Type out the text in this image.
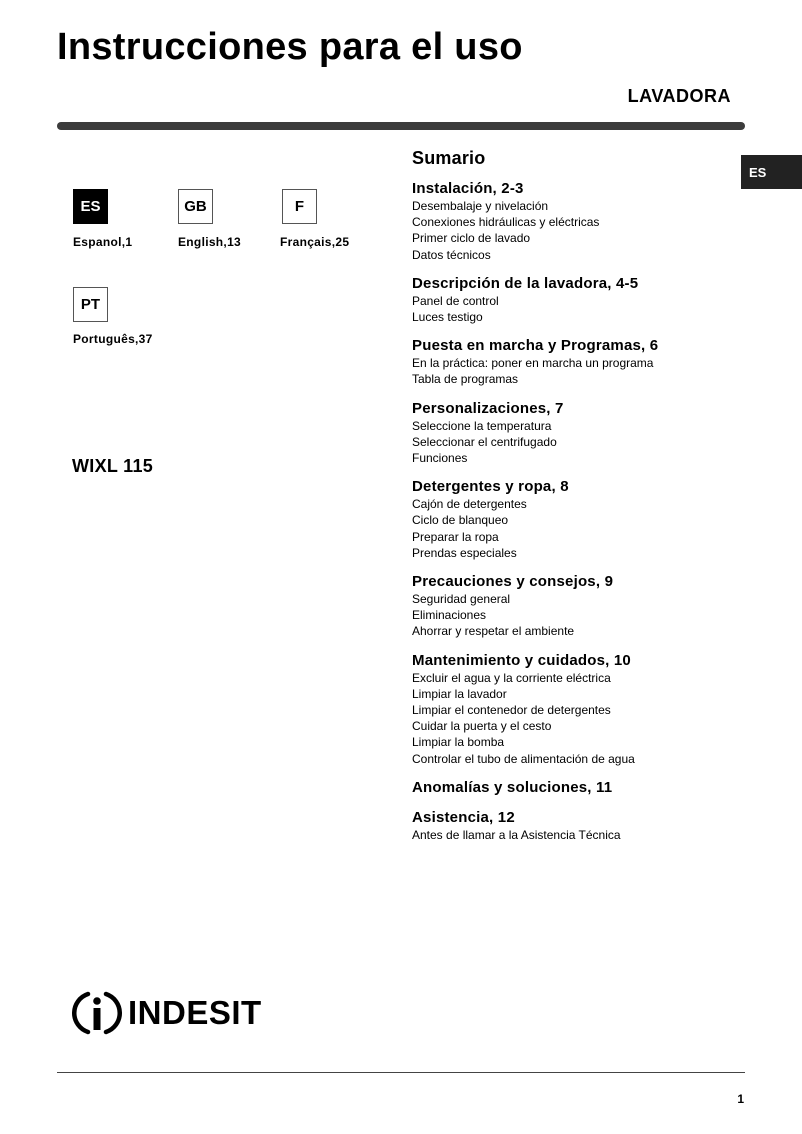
Instrucciones para el uso
LAVADORA
ES
ES
Espanol,1
GB
English,13
F
Français,25
PT
Português,37
WIXL 115
Sumario
Instalación, 2-3
Desembalaje y nivelación
Conexiones hidráulicas y eléctricas
Primer ciclo de lavado
Datos técnicos
Descripción de la lavadora, 4-5
Panel de control
Luces testigo
Puesta en marcha y Programas, 6
En la práctica: poner en marcha un programa
Tabla de programas
Personalizaciones, 7
Seleccione la temperatura
Seleccionar el centrifugado
Funciones
Detergentes y ropa, 8
Cajón de detergentes
Ciclo de blanqueo
Preparar la ropa
Prendas especiales
Precauciones y consejos, 9
Seguridad general
Eliminaciones
Ahorrar y respetar el ambiente
Mantenimiento y cuidados, 10
Excluir el agua y la corriente eléctrica
Limpiar la lavador
Limpiar el contenedor de detergentes
Cuidar la puerta y el cesto
Limpiar la bomba
Controlar el tubo de alimentación de agua
Anomalías y soluciones, 11
Asistencia, 12
Antes de llamar a la Asistencia Técnica
INDESIT
1
